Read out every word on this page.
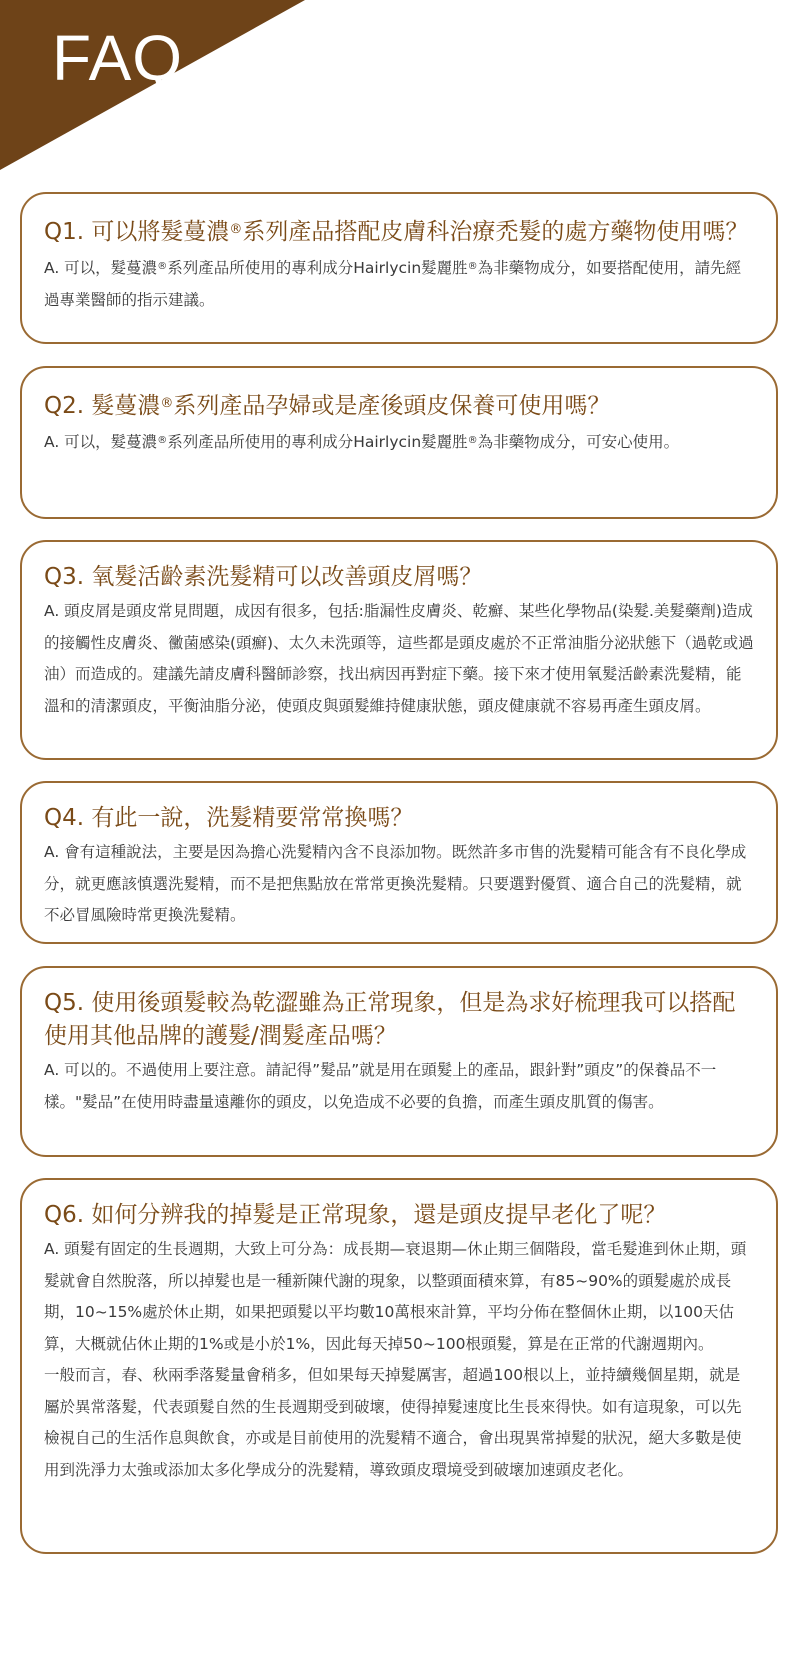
FAQ
Q1. 可以將髮蔓濃®系列產品搭配皮膚科治療禿髮的處方藥物使用嗎？

A. 可以，髮蔓濃®系列產品所使用的專利成分Hairlycin髮麗胜®為非藥物成分，如要搭配使用，請先經過專業醫師的指示建議。

Q2. 髮蔓濃®系列產品孕婦或是產後頭皮保養可使用嗎？

A. 可以，髮蔓濃®系列產品所使用的專利成分Hairlycin髮麗胜®為非藥物成分，可安心使用。

Q3. 氧髮活齡素洗髮精可以改善頭皮屑嗎？

A. 頭皮屑是頭皮常見問題，成因有很多，包括:脂漏性皮膚炎、乾癬、某些化學物品(染髮.美髮藥劑)造成的接觸性皮膚炎、黴菌感染(頭癬)、太久未洗頭等，這些都是頭皮處於不正常油脂分泌狀態下（過乾或過油）而造成的。建議先請皮膚科醫師診察，找出病因再對症下藥。接下來才使用氧髮活齡素洗髮精，能溫和的清潔頭皮，平衡油脂分泌，使頭皮與頭髮維持健康狀態，頭皮健康就不容易再產生頭皮屑。

Q4. 有此一說，洗髮精要常常換嗎？

A. 會有這種說法，主要是因為擔心洗髮精內含不良添加物。既然許多市售的洗髮精可能含有不良化學成分，就更應該慎選洗髮精，而不是把焦點放在常常更換洗髮精。只要選對優質、適合自己的洗髮精，就不必冒風險時常更換洗髮精。

Q5. 使用後頭髮較為乾澀雖為正常現象，但是為求好梳理我可以搭配使用其他品牌的護髮/潤髮產品嗎？

A. 可以的。不過使用上要注意。請記得”髮品”就是用在頭髮上的產品，跟針對”頭皮”的保養品不一樣。"髮品”在使用時盡量遠離你的頭皮，以免造成不必要的負擔，而產生頭皮肌質的傷害。

Q6. 如何分辨我的掉髮是正常現象，還是頭皮提早老化了呢？

A. 頭髮有固定的生長週期，大致上可分為：成長期—衰退期—休止期三個階段，當毛髮進到休止期，頭髮就會自然脫落，所以掉髮也是一種新陳代謝的現象，以整頭面積來算，有85~90%的頭髮處於成長期，10~15%處於休止期，如果把頭髮以平均數10萬根來計算，平均分佈在整個休止期，以100天估算，大概就佔休止期的1%或是小於1%，因此每天掉50~100根頭髮，算是在正常的代謝週期內。

一般而言，春、秋兩季落髮量會稍多，但如果每天掉髮厲害，超過100根以上，並持續幾個星期，就是屬於異常落髮，代表頭髮自然的生長週期受到破壞，使得掉髮速度比生長來得快。如有這現象，可以先檢視自己的生活作息與飲食，亦或是目前使用的洗髮精不適合，會出現異常掉髮的狀況，絕大多數是使用到洗淨力太強或添加太多化學成分的洗髮精，導致頭皮環境受到破壞加速頭皮老化。
